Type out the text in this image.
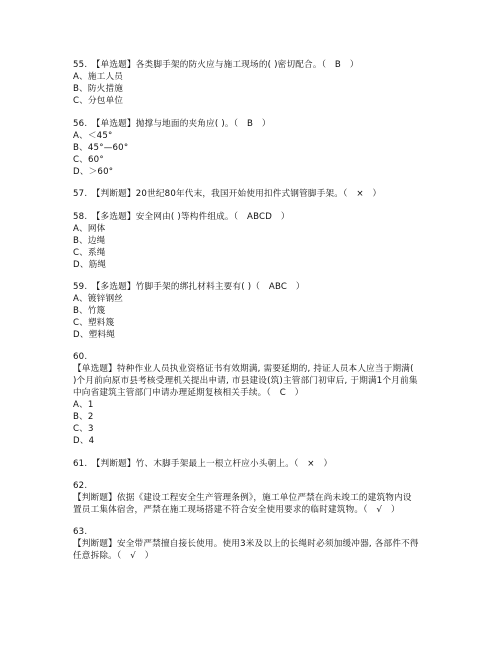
55.　【单选题】各类脚手架的防火应与施工现场的( )密切配合。（　B　）
A、施工人员
B、防火措施
C、分包单位
56.　【单选题】抛撑与地面的夹角应( )。（　B　）
A、＜45°
B、45°—60°
C、60°
D、＞60°
57.　【判断题】20世纪80年代末，我国开始使用扣件式钢管脚手架。（　×　）
58.　【多选题】安全网由( )等构件组成。（　ABCD　）
A、网体
B、边绳
C、系绳
D、筋绳
59.　【多选题】竹脚手架的绑扎材料主要有( )（　ABC　）
A、镀锌钢丝
B、竹篾
C、塑料篾
D、塑料绳
60.
【单选题】特种作业人员执业资格证书有效期满, 需要延期的, 持证人员本人应当于期满(
)个月前向原市县考核受理机关提出申请, 市县建设(筑)主管部门初审后, 于期满1个月前集
中向省建筑主管部门申请办理延期复核相关手续。（　C　）
A、1
B、2
C、3
D、4
61.　【判断题】竹、木脚手架最上一根立杆应小头朝上。（　×　）
62.
【判断题】依据《建设工程安全生产管理条例》，施工单位严禁在尚未竣工的建筑物内设
置员工集体宿舍，严禁在施工现场搭建不符合安全使用要求的临时建筑物。（　√　）
63.
【判断题】安全带严禁擅自接长使用。使用3米及以上的长绳时必须加缓冲器, 各部件不得
任意拆除。（　√　）
